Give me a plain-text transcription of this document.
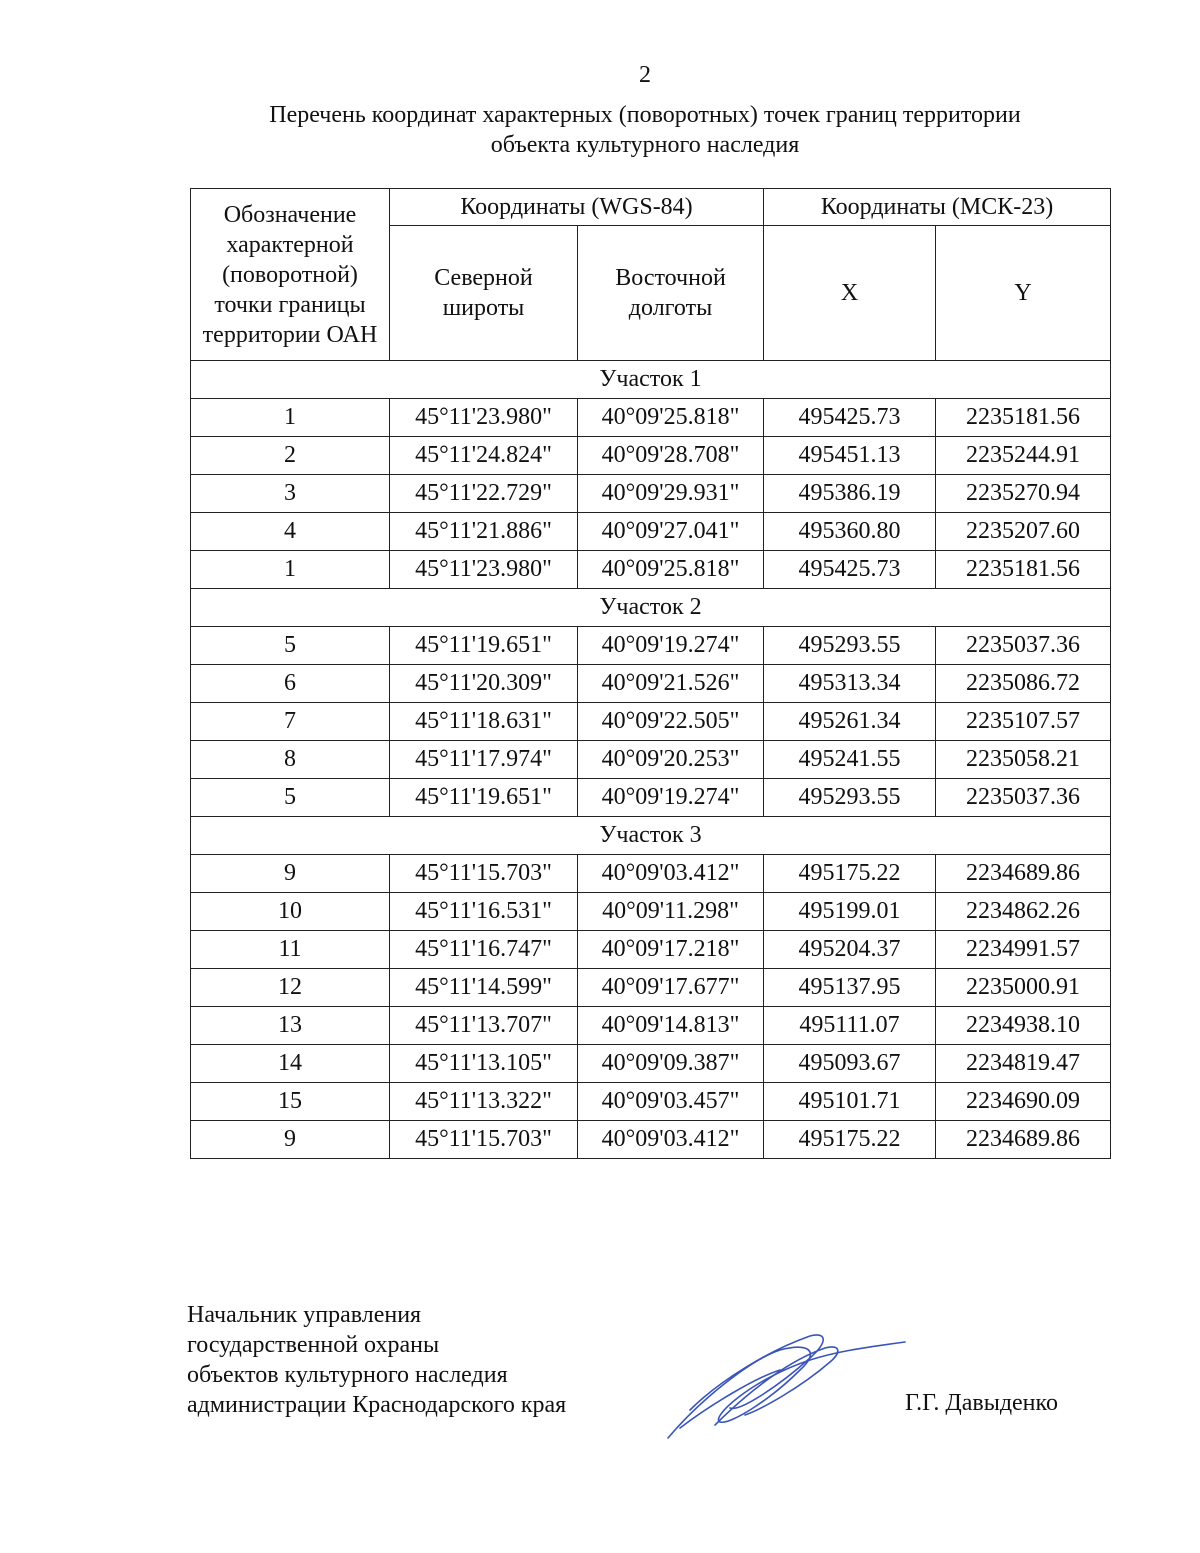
2
Перечень координат характерных (поворотных) точек границ территории
объекта культурного наследия
Обозначение характерной (поворотной) точки границы территории ОАН	Координаты (WGS-84)		Координаты (МСК-23)	
	Северной широты	Восточной долготы	X	Y
Участок 1				
1	45°11'23.980"	40°09'25.818"	495425.73	2235181.56
2	45°11'24.824"	40°09'28.708"	495451.13	2235244.91
3	45°11'22.729"	40°09'29.931"	495386.19	2235270.94
4	45°11'21.886"	40°09'27.041"	495360.80	2235207.60
1	45°11'23.980"	40°09'25.818"	495425.73	2235181.56
Участок 2				
5	45°11'19.651"	40°09'19.274"	495293.55	2235037.36
6	45°11'20.309"	40°09'21.526"	495313.34	2235086.72
7	45°11'18.631"	40°09'22.505"	495261.34	2235107.57
8	45°11'17.974"	40°09'20.253"	495241.55	2235058.21
5	45°11'19.651"	40°09'19.274"	495293.55	2235037.36
Участок 3				
9	45°11'15.703"	40°09'03.412"	495175.22	2234689.86
10	45°11'16.531"	40°09'11.298"	495199.01	2234862.26
11	45°11'16.747"	40°09'17.218"	495204.37	2234991.57
12	45°11'14.599"	40°09'17.677"	495137.95	2235000.91
13	45°11'13.707"	40°09'14.813"	495111.07	2234938.10
14	45°11'13.105"	40°09'09.387"	495093.67	2234819.47
15	45°11'13.322"	40°09'03.457"	495101.71	2234690.09
9	45°11'15.703"	40°09'03.412"	495175.22	2234689.86
Начальник управления
государственной охраны
объектов культурного наследия
администрации Краснодарского края	Г.Г. Давыденко
